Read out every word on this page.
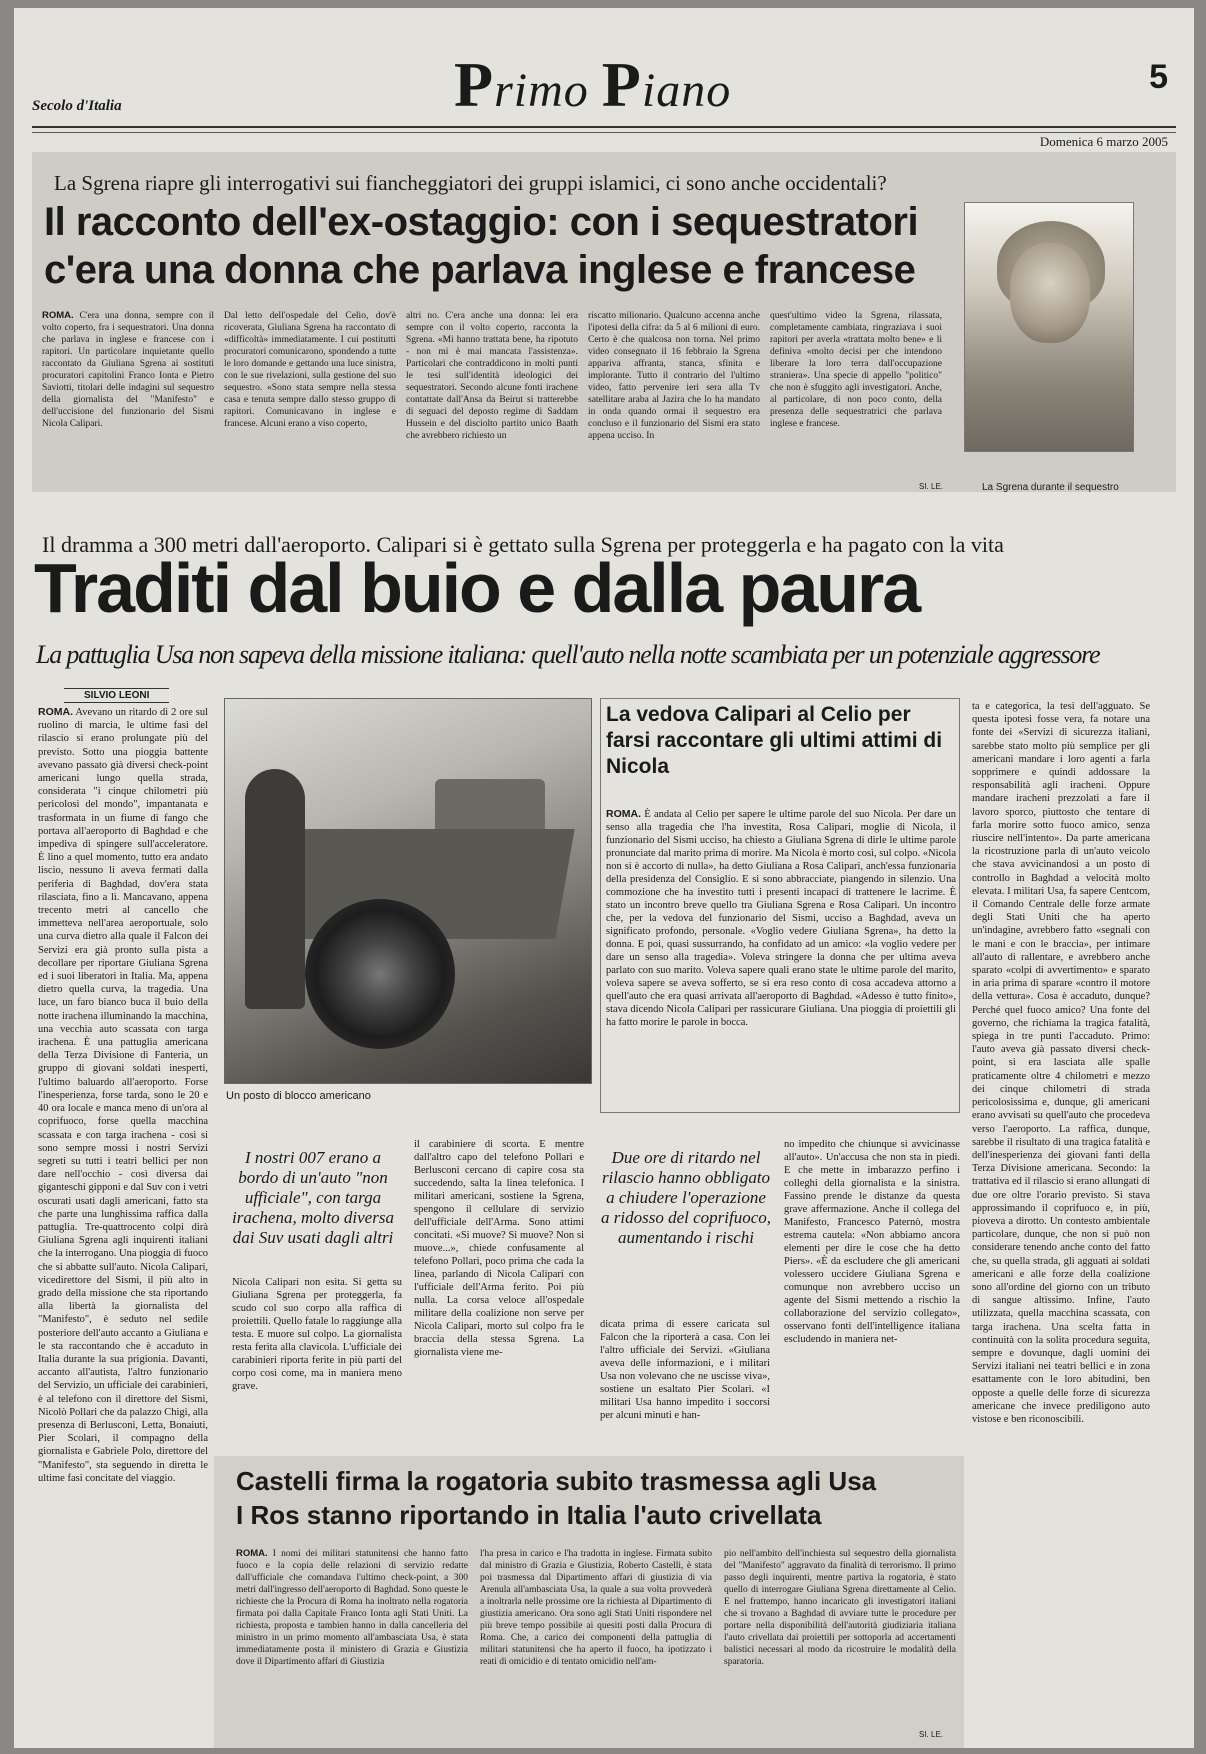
Secolo d'Italia	Primo Piano	5
Domenica 6 marzo 2005
La Sgrena riapre gli interrogativi sui fiancheggiatori dei gruppi islamici, ci sono anche occidentali?
Il racconto dell'ex-ostaggio: con i sequestratori
c'era una donna che parlava inglese e francese
ROMA. C'era una donna, sempre con il volto coperto, fra i sequestratori. Una donna che parlava in inglese e francese con i rapitori. Un particolare inquietante quello raccontato da Giuliana Sgrena ai sostituti procuratori capitolini Franco Ionta e Pietro Saviotti, titolari delle indagini sul sequestro della giornalista del "Manifesto" e dell'uccisione del funzionario del Sismi Nicola Calipari.
Dal letto dell'ospedale del Celio, dov'è ricoverata, Giuliana Sgrena ha raccontato di «difficoltà» immediatamente. I cui postitutti procuratori comunicarono, spondendo a tutte le loro domande e gettando una luce sinistra, con le sue rivelazioni, sulla gestione del suo sequestro. «Sono stata sempre nella stessa casa e tenuta sempre dallo stesso gruppo di rapitori. Comunicavano in inglese e francese. Alcuni erano a viso coperto,
altri no. C'era anche una donna: lei era sempre con il volto coperto, racconta la Sgrena. «Mi hanno trattata bene, ha ripotuto - non mi è mai mancata l'assistenza». Particolari che contraddicono in molti punti le tesi sull'identità ideologici dei sequestratori. Secondo alcune fonti irachene contattate dall'Ansa da Beirut si tratterebbe di seguaci del deposto regime di Saddam Hussein e del disciolto partito unico Baath che avrebbero richiesto un
riscatto milionario. Qualcuno accenna anche l'ipotesi della cifra: da 5 al 6 milioni di euro. Certo è che qualcosa non torna. Nel primo video consegnato il 16 febbraio la Sgrena appariva affranta, stanca, sfinita e implorante. Tutto il contrario del l'ultimo video, fatto pervenire ieri sera alla Tv satellitare araba al Jazira che lo ha mandato in onda quando ormai il sequestro era concluso e il funzionario del Sismi era stato appena ucciso. In
quest'ultimo video la Sgrena, rilassata, completamente cambiata, ringraziava i suoi rapitori per averla «trattata molto bene» e li definiva «molto decisi per che intendono liberare la loro terra dall'occupazione straniera». Una specie di appello "politico" che non è sfuggito agli investigatori. Anche, al particolare, di non poco conto, della presenza delle sequestratrici che parlava inglese e francese.
SI. LE.	La Sgrena durante il sequestro
Il dramma a 300 metri dall'aeroporto. Calipari si è gettato sulla Sgrena per proteggerla e ha pagato con la vita
Traditi dal buio e dalla paura
La pattuglia Usa non sapeva della missione italiana: quell'auto nella notte scambiata per un potenziale aggressore
SILVIO LEONI
ROMA. Avevano un ritardo di 2 ore sul ruolino di marcia, le ultime fasi del rilascio si erano prolungate più del previsto. Sotto una pioggia battente avevano passato già diversi check-point americani lungo quella strada, considerata "i cinque chilometri più pericolosi del mondo", impantanata e trasformata in un fiume di fango che portava all'aeroporto di Baghdad e che impediva di spingere sull'acceleratore. È lino a quel momento, tutto era andato liscio, nessuno li aveva fermati dalla periferia di Baghdad, dov'era stata rilasciata, fino a lì. Mancavano, appena trecento metri al cancello che immetteva nell'area aeroportuale, solo una curva dietro alla quale il Falcon dei Servizi era già pronto sulla pista a decollare per riportare Giuliana Sgrena ed i suoi liberatori in Italia. Ma, appena dietro quella curva, la tragedia. Una luce, un faro bianco buca il buio della notte irachena illuminando la macchina, una vecchia auto scassata con targa irachena. È una pattuglia americana della Terza Divisione di Fanteria, un gruppo di giovani soldati inesperti, l'ultimo baluardo all'aeroporto. Forse l'inesperienza, forse tarda, sono le 20 e 40 ora locale e manca meno di un'ora al coprifuoco, forse quella macchina scassata e con targa irachena - così si sono sempre mossi i nostri Servizi segreti su tutti i teatri bellici per non dare nell'occhio - così diversa dai giganteschi gipponi e dal Suv con i vetri oscurati usati dagli americani, fatto sta che parte una lunghissima raffica dalla pattuglia. Tre-quattrocento colpi dirà Giuliana Sgrena agli inquirenti italiani che la interrogano. Una pioggia di fuoco che si abbatte sull'auto. Nicola Calipari, vicedirettore del Sismi, il più alto in grado della missione che sta riportando alla libertà la giornalista del "Manifesto", è seduto nel sedile posteriore dell'auto accanto a Giuliana e le sta raccontando che è accaduto in Italia durante la sua prigionia. Davanti, accanto all'autista, l'altro funzionario del Servizio, un ufficiale dei carabinieri, è al telefono con il direttore del Sismi, Nicolò Pollari che da palazzo Chigi, alla presenza di Berlusconi, Letta, Bonaiuti, Pier Scolari, il compagno della giornalista e Gabriele Polo, direttore del "Manifesto", sta seguendo in diretta le ultime fasi concitate del viaggio.
Un posto di blocco americano
La vedova Calipari al Celio per farsi raccontare gli ultimi attimi di Nicola
ROMA. È andata al Celio per sapere le ultime parole del suo Nicola. Per dare un senso alla tragedia che l'ha investita, Rosa Calipari, moglie di Nicola, il funzionario del Sismi ucciso, ha chiesto a Giuliana Sgrena di dirle le ultime parole pronunciate dal marito prima di morire. Ma Nicola è morto così, sul colpo. «Nicola non si è accorto di nulla», ha detto Giuliana a Rosa Calipari, anch'essa funzionaria della presidenza del Consiglio. E si sono abbracciate, piangendo in silenzio. Una commozione che ha investito tutti i presenti incapaci di trattenere le lacrime. È stato un incontro breve quello tra Giuliana Sgrena e Rosa Calipari. Un incontro che, per la vedova del funzionario del Sismi, ucciso a Baghdad, aveva un significato profondo, personale. «Voglio vedere Giuliana Sgrena», ha detto la donna. E poi, quasi sussurrando, ha confidato ad un amico: «la voglio vedere per dare un senso alla tragedia». Voleva stringere la donna che per ultima aveva parlato con suo marito. Voleva sapere quali erano state le ultime parole del marito, voleva sapere se aveva sofferto, se si era reso conto di cosa accadeva attorno a quell'auto che era quasi arrivata all'aeroporto di Baghdad. «Adesso è tutto finito», stava dicendo Nicola Calipari per rassicurare Giuliana. Una pioggia di proiettili gli ha fatto morire le parole in bocca.
I nostri 007 erano a bordo di un'auto "non ufficiale", con targa irachena, molto diversa dai Suv usati dagli altri
Due ore di ritardo nel rilascio hanno obbligato a chiudere l'operazione a ridosso del coprifuoco, aumentando i rischi
Nicola Calipari non esita. Si getta su Giuliana Sgrena per proteggerla, fa scudo col suo corpo alla raffica di proiettili. Quello fatale lo raggiunge alla testa. E muore sul colpo. La giornalista resta ferita alla clavicola. L'ufficiale dei carabinieri riporta ferite in più parti del corpo così come, ma in maniera meno grave.
il carabiniere di scorta. E mentre dall'altro capo del telefono Pollari e Berlusconi cercano di capire cosa sta succedendo, salta la linea telefonica. I militari americani, sostiene la Sgrena, spengono il cellulare di servizio dell'ufficiale dell'Arma. Sono attimi concitati. «Si muove? Si muove? Non si muove...», chiede confusamente al telefono Pollari, poco prima che cada la linea, parlando di Nicola Calipari con l'ufficiale dell'Arma ferito. Poi più nulla. La corsa veloce all'ospedale militare della coalizione non serve per Nicola Calipari, morto sul colpo fra le braccia della stessa Sgrena. La giornalista viene me-
dicata prima di essere caricata sul Falcon che la riporterà a casa. Con lei l'altro ufficiale dei Servizi. «Giuliana aveva delle informazioni, e i militari Usa non volevano che ne uscisse viva», sostiene un esaltato Pier Scolari. «I militari Usa hanno impedito i soccorsi per alcuni minuti e han-
no impedito che chiunque si avvicinasse all'auto». Un'accusa che non sta in piedi. E che mette in imbarazzo perfino i colleghi della giornalista e la sinistra. Fassino prende le distanze da questa grave affermazione. Anche il collega del Manifesto, Francesco Paternò, mostra estrema cautela: «Non abbiamo ancora elementi per dire le cose che ha detto Piers». «È da escludere che gli americani volessero uccidere Giuliana Sgrena e comunque non avrebbero ucciso un agente del Sismi mettendo a rischio la collaborazione del servizio collegato», osservano fonti dell'intelligence italiana escludendo in maniera net-
ta e categorica, la tesi dell'agguato. Se questa ipotesi fosse vera, fa notare una fonte dei «Servizi di sicurezza italiani, sarebbe stato molto più semplice per gli americani mandare i loro agenti a farla sopprimere e quindi addossare la responsabilità agli iracheni. Oppure mandare iracheni prezzolati a fare il lavoro sporco, piuttosto che tentare di farla morire sotto fuoco amico, senza riuscire nell'intento». Da parte americana la ricostruzione parla di un'auto veicolo che stava avvicinandosi a un posto di controllo in Baghdad a velocità molto elevata. I militari Usa, fa sapere Centcom, il Comando Centrale delle forze armate degli Stati Uniti che ha aperto un'indagine, avrebbero fatto «segnali con le mani e con le braccia», per intimare all'auto di rallentare, e avrebbero anche sparato «colpi di avvertimento» e sparato in aria prima di sparare «contro il motore della vettura». Cosa è accaduto, dunque? Perché quel fuoco amico? Una fonte del governo, che richiama la tragica fatalità, spiega in tre punti l'accaduto. Primo: l'auto aveva già passato diversi check-point, si era lasciata alle spalle praticamente oltre 4 chilometri e mezzo dei cinque chilometri di strada pericolosissima e, dunque, gli americani erano avvisati su quell'auto che procedeva verso l'aeroporto. La raffica, dunque, sarebbe il risultato di una tragica fatalità e dell'inesperienza dei giovani fanti della Terza Divisione americana. Secondo: la trattativa ed il rilascio si erano allungati di due ore oltre l'orario previsto. Si stava approssimando il coprifuoco e, in più, pioveva a dirotto. Un contesto ambientale particolare, dunque, che non si può non considerare tenendo anche conto del fatto che, su quella strada, gli agguati ai soldati americani e alle forze della coalizione sono all'ordine del giorno con un tributo di sangue altissimo. Infine, l'auto utilizzata, quella macchina scassata, con targa irachena. Una scelta fatta in continuità con la solita procedura seguita, sempre e dovunque, dagli uomini dei Servizi italiani nei teatri bellici e in zona esattamente con le loro abitudini, ben opposte a quelle delle forze di sicurezza americane che invece prediligono auto vistose e ben riconoscibili.
Castelli firma la rogatoria subito trasmessa agli Usa
I Ros stanno riportando in Italia l'auto crivellata
ROMA. I nomi dei militari statunitensi che hanno fatto fuoco e la copia delle relazioni di servizio redatte dall'ufficiale che comandava l'ultimo check-point, a 300 metri dall'ingresso dell'aeroporto di Baghdad. Sono queste le richieste che la Procura di Roma ha inoltrato nella rogatoria firmata poi dalla Capitale Franco Ionta agli Stati Uniti. La richiesta, proposta e tambien hanno in dalla cancelleria del ministro in un primo momento all'ambasciata Usa, è stata immediatamente posta il ministero di Grazia e Giustizia dove il Dipartimento affari di Giustizia
l'ha presa in carico e l'ha tradotta in inglese. Firmata subito dal ministro di Grazia e Giustizia, Roberto Castelli, è stata poi trasmessa dal Dipartimento affari di giustizia di via Arenula all'ambasciata Usa, la quale a sua volta provvederà a inoltrarla nelle prossime ore la richiesta al Dipartimento di giustizia americano. Ora sono agli Stati Uniti rispondere nel più breve tempo possibile ai quesiti posti dalla Procura di Roma. Che, a carico dei componenti della pattuglia di militari statunitensi che ha aperto il fuoco, ha ipotizzato i reati di omicidio e di tentato omicidio nell'am-
pio nell'ambito dell'inchiesta sul sequestro della giornalista del "Manifesto" aggravato da finalità di terrorismo. Il primo passo degli inquirenti, mentre partiva la rogatoria, è stato quello di interrogare Giuliana Sgrena direttamente al Celio. E nel frattempo, hanno incaricato gli investigatori italiani che si trovano a Baghdad di avviare tutte le procedure per portare nella disponibilità dell'autorità giudiziaria italiana l'auto crivellata dai proiettili per sottoporla ad accertamenti balistici necessari al modo da ricostruire le modalità della sparatoria.
SI. LE.
